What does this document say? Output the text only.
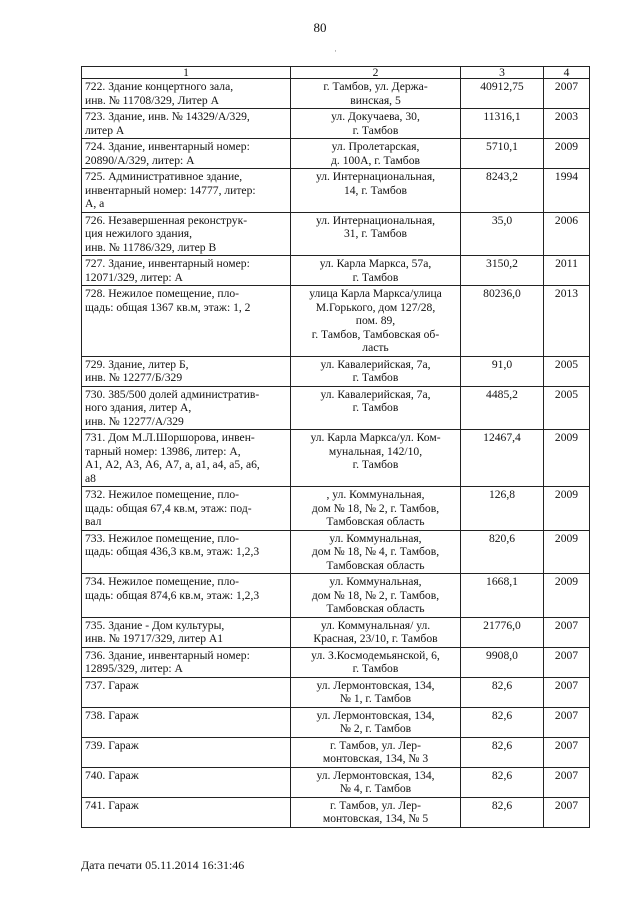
80
·
1	2	3	4
722. Здание концертного зала,
инв. № 11708/329, Литер А	г. Тамбов, ул. Держа-
винская, 5	40912,75	2007
723. Здание, инв. № 14329/А/329,
литер А	ул. Докучаева, 30,
г. Тамбов	11316,1	2003
724. Здание, инвентарный номер:
20890/А/329, литер: А	ул. Пролетарская,
д. 100А, г. Тамбов	5710,1	2009
725. Административное здание,
инвентарный номер: 14777, литер:
А, а	ул. Интернациональная,
14, г. Тамбов	8243,2	1994
726. Незавершенная реконструк-
ция нежилого здания,
инв. № 11786/329, литер В	ул. Интернациональная,
31, г. Тамбов	35,0	2006
727. Здание, инвентарный номер:
12071/329, литер: А	ул. Карла Маркса, 57а,
г. Тамбов	3150,2	2011
728. Нежилое помещение, пло-
щадь: общая 1367 кв.м, этаж: 1, 2	улица Карла Маркса/улица
М.Горького, дом 127/28,
пом. 89,
г. Тамбов, Тамбовская об-
ласть	80236,0	2013
729. Здание, литер Б,
инв. № 12277/Б/329	ул. Кавалерийская, 7а,
г. Тамбов	91,0	2005
730. 385/500 долей административ-
ного здания, литер А,
инв. № 12277/А/329	ул. Кавалерийская, 7а,
г. Тамбов	4485,2	2005
731. Дом М.Л.Шоршорова, инвен-
тарный номер: 13986, литер: А,
А1, А2, А3, А6, А7, а, а1, а4, а5, а6,
а8	ул. Карла Маркса/ул. Ком-
мунальная, 142/10,
г. Тамбов	12467,4	2009
732. Нежилое помещение, пло-
щадь: общая 67,4 кв.м, этаж: под-
вал	, ул. Коммунальная,
дом № 18, № 2, г. Тамбов,
Тамбовская область	126,8	2009
733. Нежилое помещение, пло-
щадь: общая 436,3 кв.м, этаж: 1,2,3	ул. Коммунальная,
дом № 18, № 4, г. Тамбов,
Тамбовская область	820,6	2009
734. Нежилое помещение, пло-
щадь: общая 874,6 кв.м, этаж: 1,2,3	ул. Коммунальная,
дом № 18, № 2, г. Тамбов,
Тамбовская область	1668,1	2009
735. Здание - Дом культуры,
инв. № 19717/329, литер А1	ул. Коммунальная/ ул.
Красная, 23/10, г. Тамбов	21776,0	2007
736. Здание, инвентарный номер:
12895/329, литер: А	ул. З.Космодемьянской, 6,
г. Тамбов	9908,0	2007
737. Гараж	ул. Лермонтовская, 134,
№ 1, г. Тамбов	82,6	2007
738. Гараж	ул. Лермонтовская, 134,
№ 2, г. Тамбов	82,6	2007
739. Гараж	г. Тамбов, ул. Лер-
монтовская, 134, № 3	82,6	2007
740. Гараж	ул. Лермонтовская, 134,
№ 4, г. Тамбов	82,6	2007
741. Гараж	г. Тамбов, ул. Лер-
монтовская, 134, № 5	82,6	2007
Дата печати 05.11.2014 16:31:46
